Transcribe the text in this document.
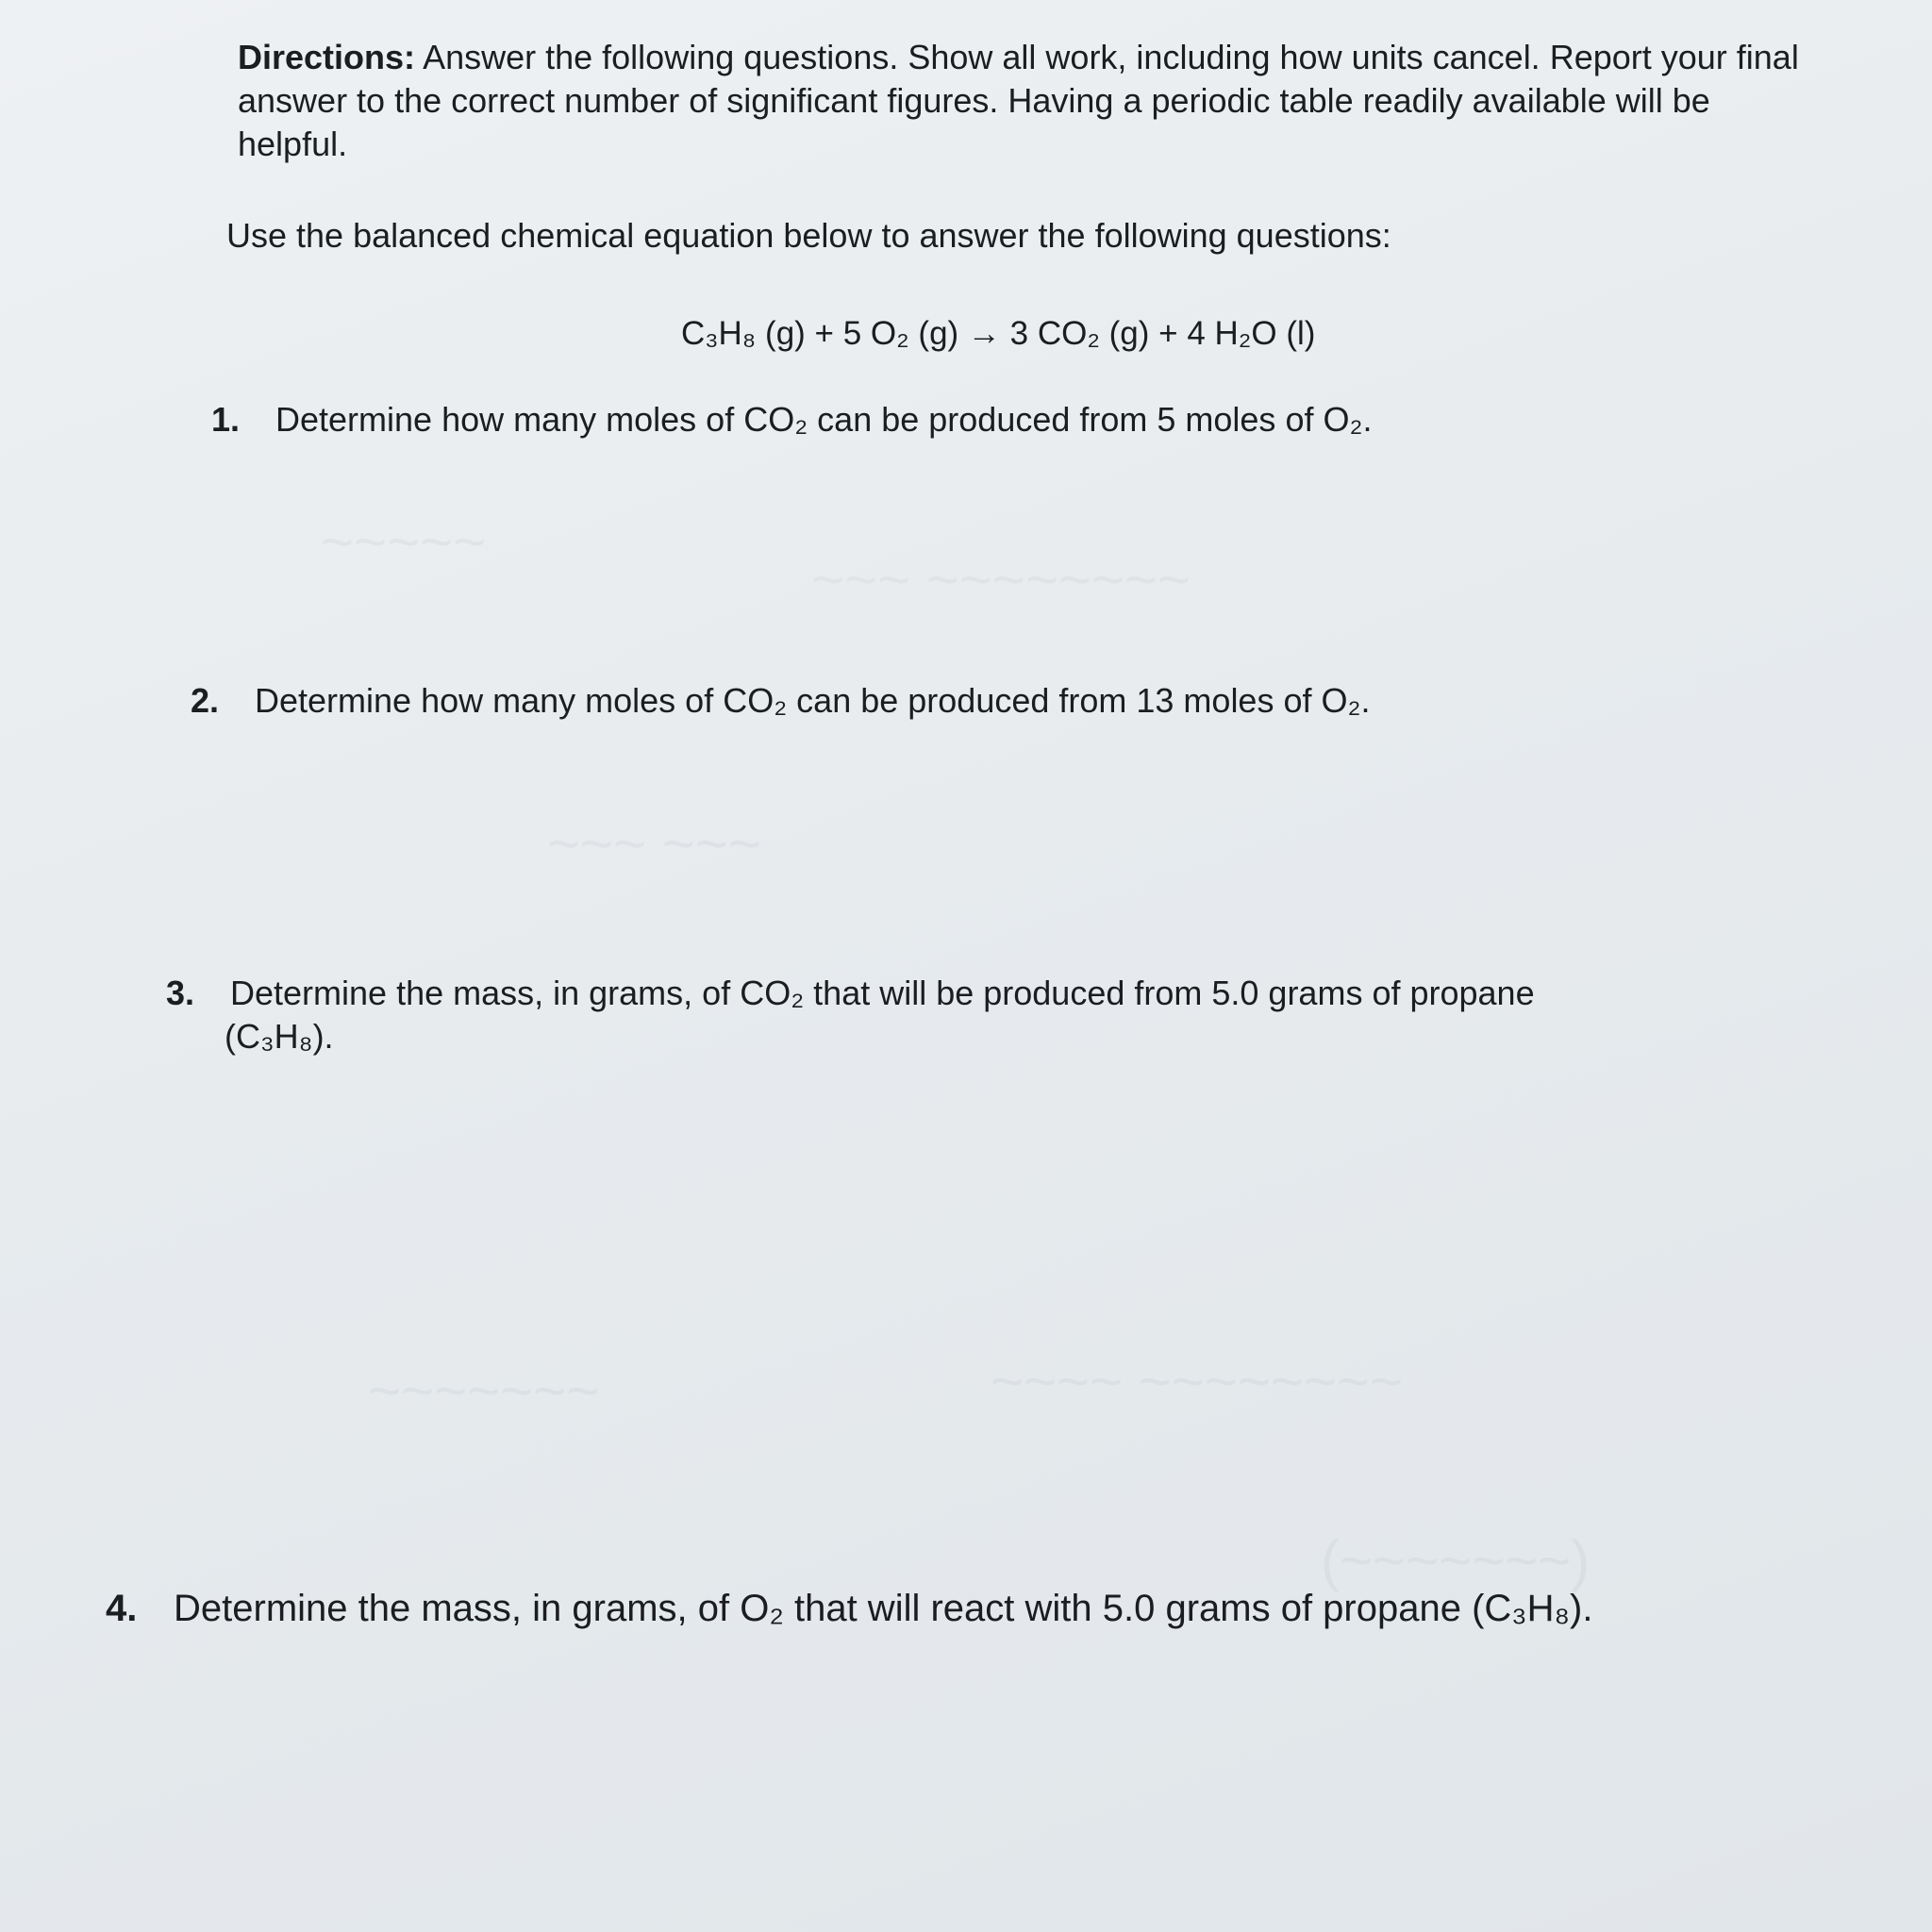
~~~~~
~~~ ~~~~~~~~
~~~ ~~~
~~~~~~~	~~~~ ~~~~~~~~
(~~~~~~~)
Directions: Answer the following questions. Show all work, including how units cancel. Report your final answer to the correct number of significant figures. Having a periodic table readily available will be helpful.
Use the balanced chemical equation below to answer the following questions:
C₃H₈ (g) + 5 O₂ (g) → 3 CO₂ (g) + 4 H₂O (l)
1. Determine how many moles of CO₂ can be produced from 5 moles of O₂.
2. Determine how many moles of CO₂ can be produced from 13 moles of O₂.
3. Determine the mass, in grams, of CO₂ that will be produced from 5.0 grams of propane
(C₃H₈).
4. Determine the mass, in grams, of O₂ that will react with 5.0 grams of propane (C₃H₈).
